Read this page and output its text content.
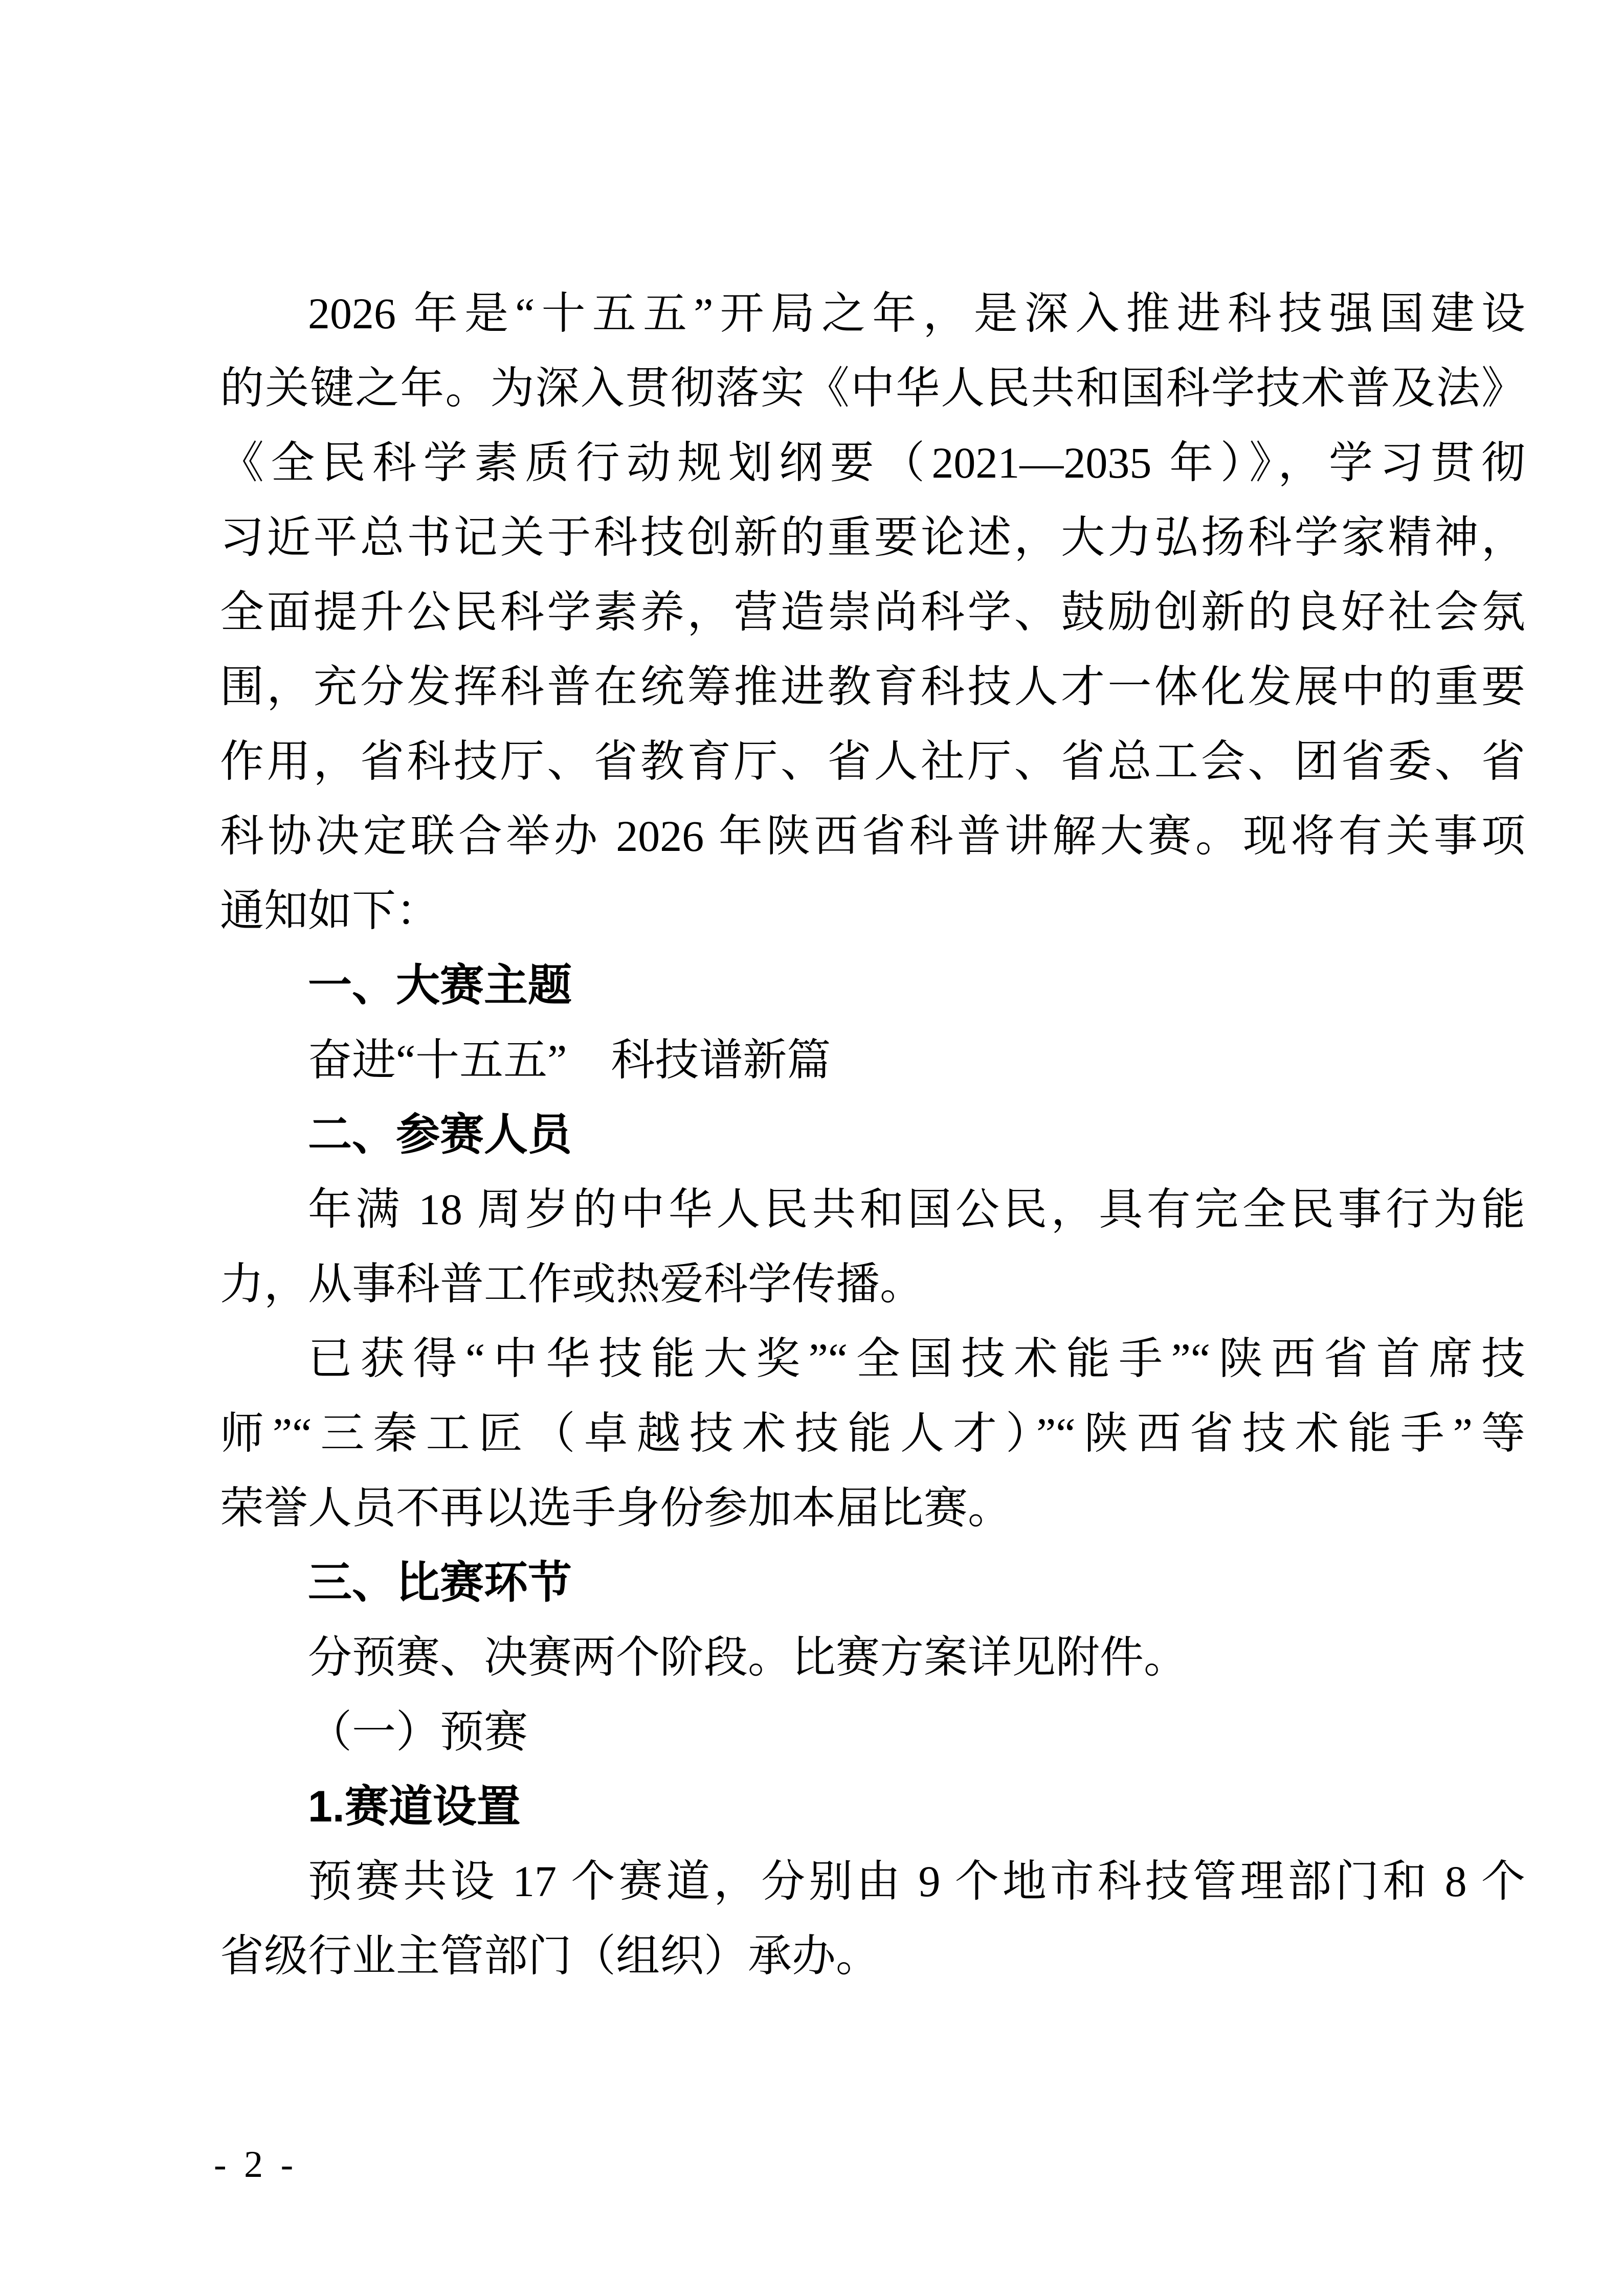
2026 年是“十五五”开局之年，是深入推进科技强国建设
的关键之年。为深入贯彻落实《中华人民共和国科学技术普及法》
《全民科学素质行动规划纲要（2021—2035 年）》，学习贯彻
习近平总书记关于科技创新的重要论述，大力弘扬科学家精神，
全面提升公民科学素养，营造崇尚科学、鼓励创新的良好社会氛
围，充分发挥科普在统筹推进教育科技人才一体化发展中的重要
作用，省科技厅、省教育厅、省人社厅、省总工会、团省委、省
科协决定联合举办 2026 年陕西省科普讲解大赛。现将有关事项
通知如下：
一、大赛主题
奋进“十五五”　科技谱新篇
二、参赛人员
年满 18 周岁的中华人民共和国公民，具有完全民事行为能
力，从事科普工作或热爱科学传播。
已获得“中华技能大奖”“全国技术能手”“陕西省首席技
师”“三秦工匠（卓越技术技能人才）”“陕西省技术能手”等
荣誉人员不再以选手身份参加本届比赛。
三、比赛环节
分预赛、决赛两个阶段。比赛方案详见附件。
（一）预赛
1.赛道设置
预赛共设 17 个赛道，分别由 9 个地市科技管理部门和 8 个
省级行业主管部门（组织）承办。
- 2 -
